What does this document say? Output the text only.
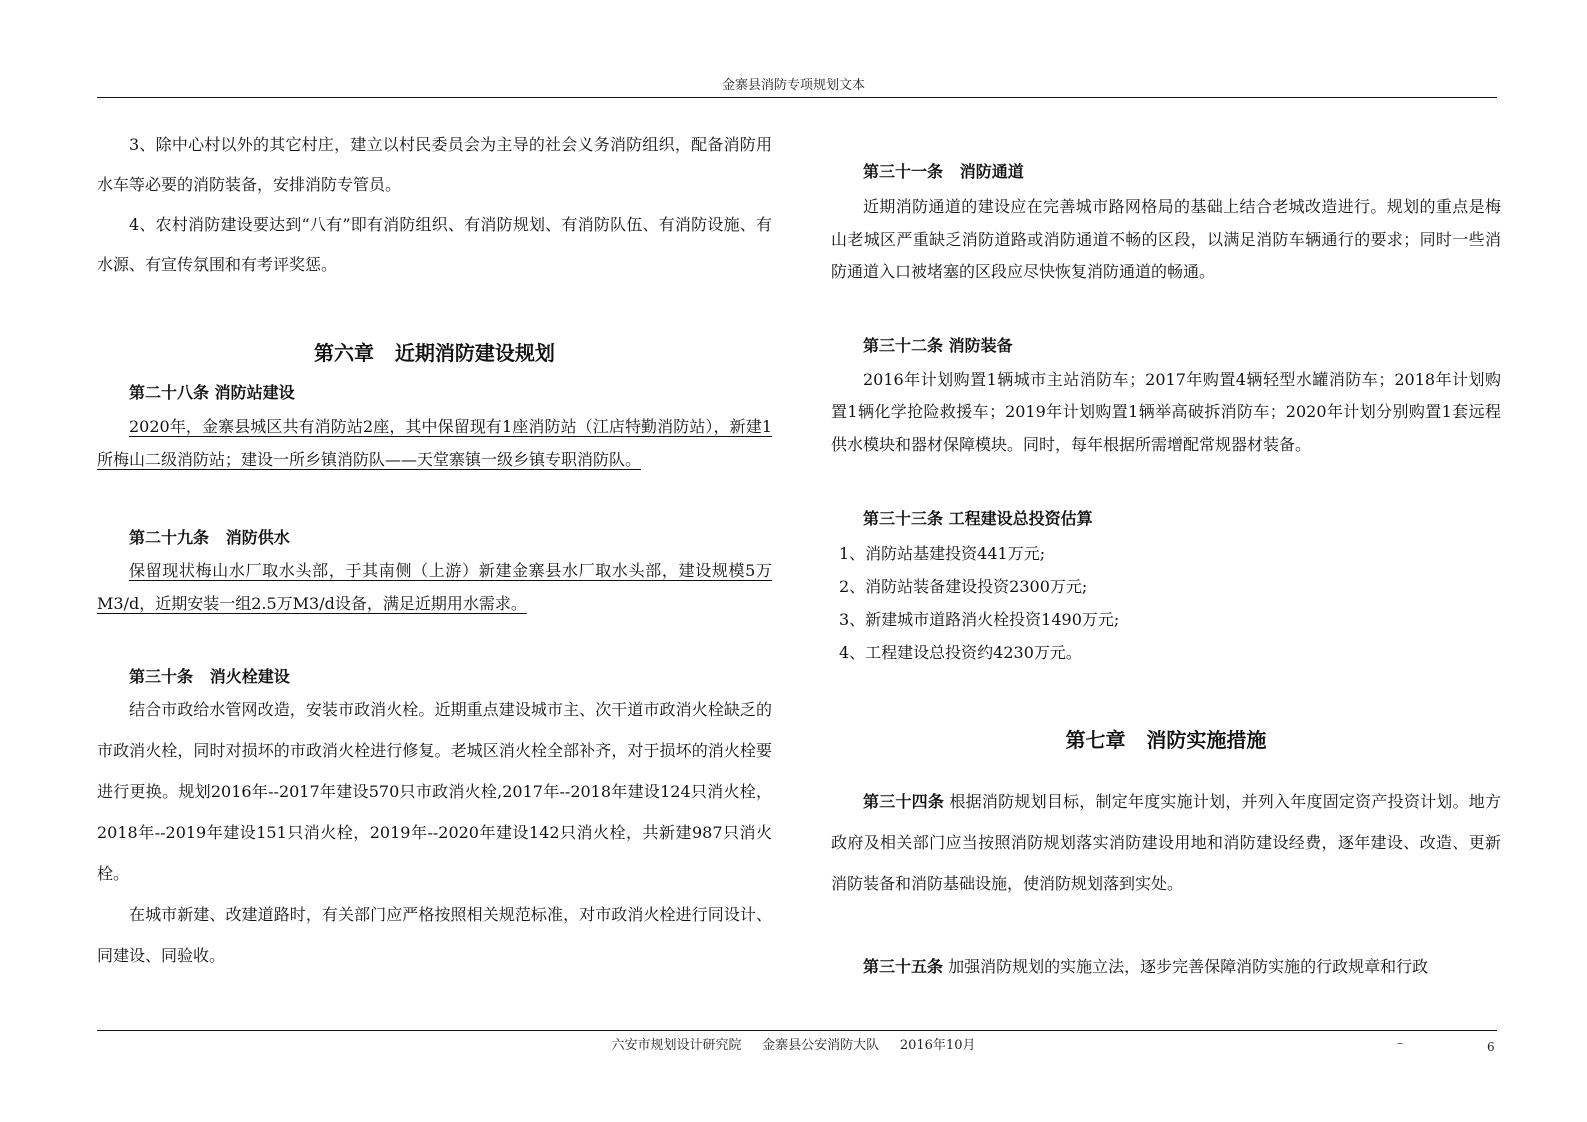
金寨县消防专项规划文本

3、除中心村以外的其它村庄，建立以村民委员会为主导的社会义务消防组织，配备消防用水车等必要的消防装备，安排消防专管员。

4、农村消防建设要达到“八有”即有消防组织、有消防规划、有消防队伍、有消防设施、有水源、有宣传氛围和有考评奖惩。

第六章   近期消防建设规划

第二十八条 消防站建设

2020年，金寨县城区共有消防站2座，其中保留现有1座消防站（江店特勤消防站），新建1所梅山二级消防站；建设一所乡镇消防队——天堂寨镇一级乡镇专职消防队。

第二十九条   消防供水

保留现状梅山水厂取水头部，于其南侧（上游）新建金寨县水厂取水头部，建设规模5万M3/d，近期安装一组2.5万M3/d设备，满足近期用水需求。

第三十条   消火栓建设

结合市政给水管网改造，安装市政消火栓。近期重点建设城市主、次干道市政消火栓缺乏的市政消火栓，同时对损坏的市政消火栓进行修复。老城区消火栓全部补齐，对于损坏的消火栓要进行更换。规划2016年--2017年建设570只市政消火栓,2017年--2018年建设124只消火栓，2018年--2019年建设151只消火栓，2019年--2020年建设142只消火栓，共新建987只消火栓。

在城市新建、改建道路时，有关部门应严格按照相关规范标准，对市政消火栓进行同设计、同建设、同验收。

第三十一条   消防通道

近期消防通道的建设应在完善城市路网格局的基础上结合老城改造进行。规划的重点是梅山老城区严重缺乏消防道路或消防通道不畅的区段，以满足消防车辆通行的要求；同时一些消防通道入口被堵塞的区段应尽快恢复消防通道的畅通。

第三十二条 消防装备

2016年计划购置1辆城市主站消防车；2017年购置4辆轻型水罐消防车；2018年计划购置1辆化学抢险救援车；2019年计划购置1辆举高破拆消防车；2020年计划分别购置1套远程供水模块和器材保障模块。同时，每年根据所需增配常规器材装备。

第三十三条 工程建设总投资估算

1、消防站基建投资441万元;

2、消防站装备建设投资2300万元;

3、新建城市道路消火栓投资1490万元;

4、工程建设总投资约4230万元。

第七章   消防实施措施

第三十四条 根据消防规划目标，制定年度实施计划，并列入年度固定资产投资计划。地方政府及相关部门应当按照消防规划落实消防建设用地和消防建设经费，逐年建设、改造、更新消防装备和消防基础设施，使消防规划落到实处。

第三十五条 加强消防规划的实施立法，逐步完善保障消防实施的行政规章和行政

六安市规划设计研究院     金寨县公安消防大队     2016年10月	–	6
